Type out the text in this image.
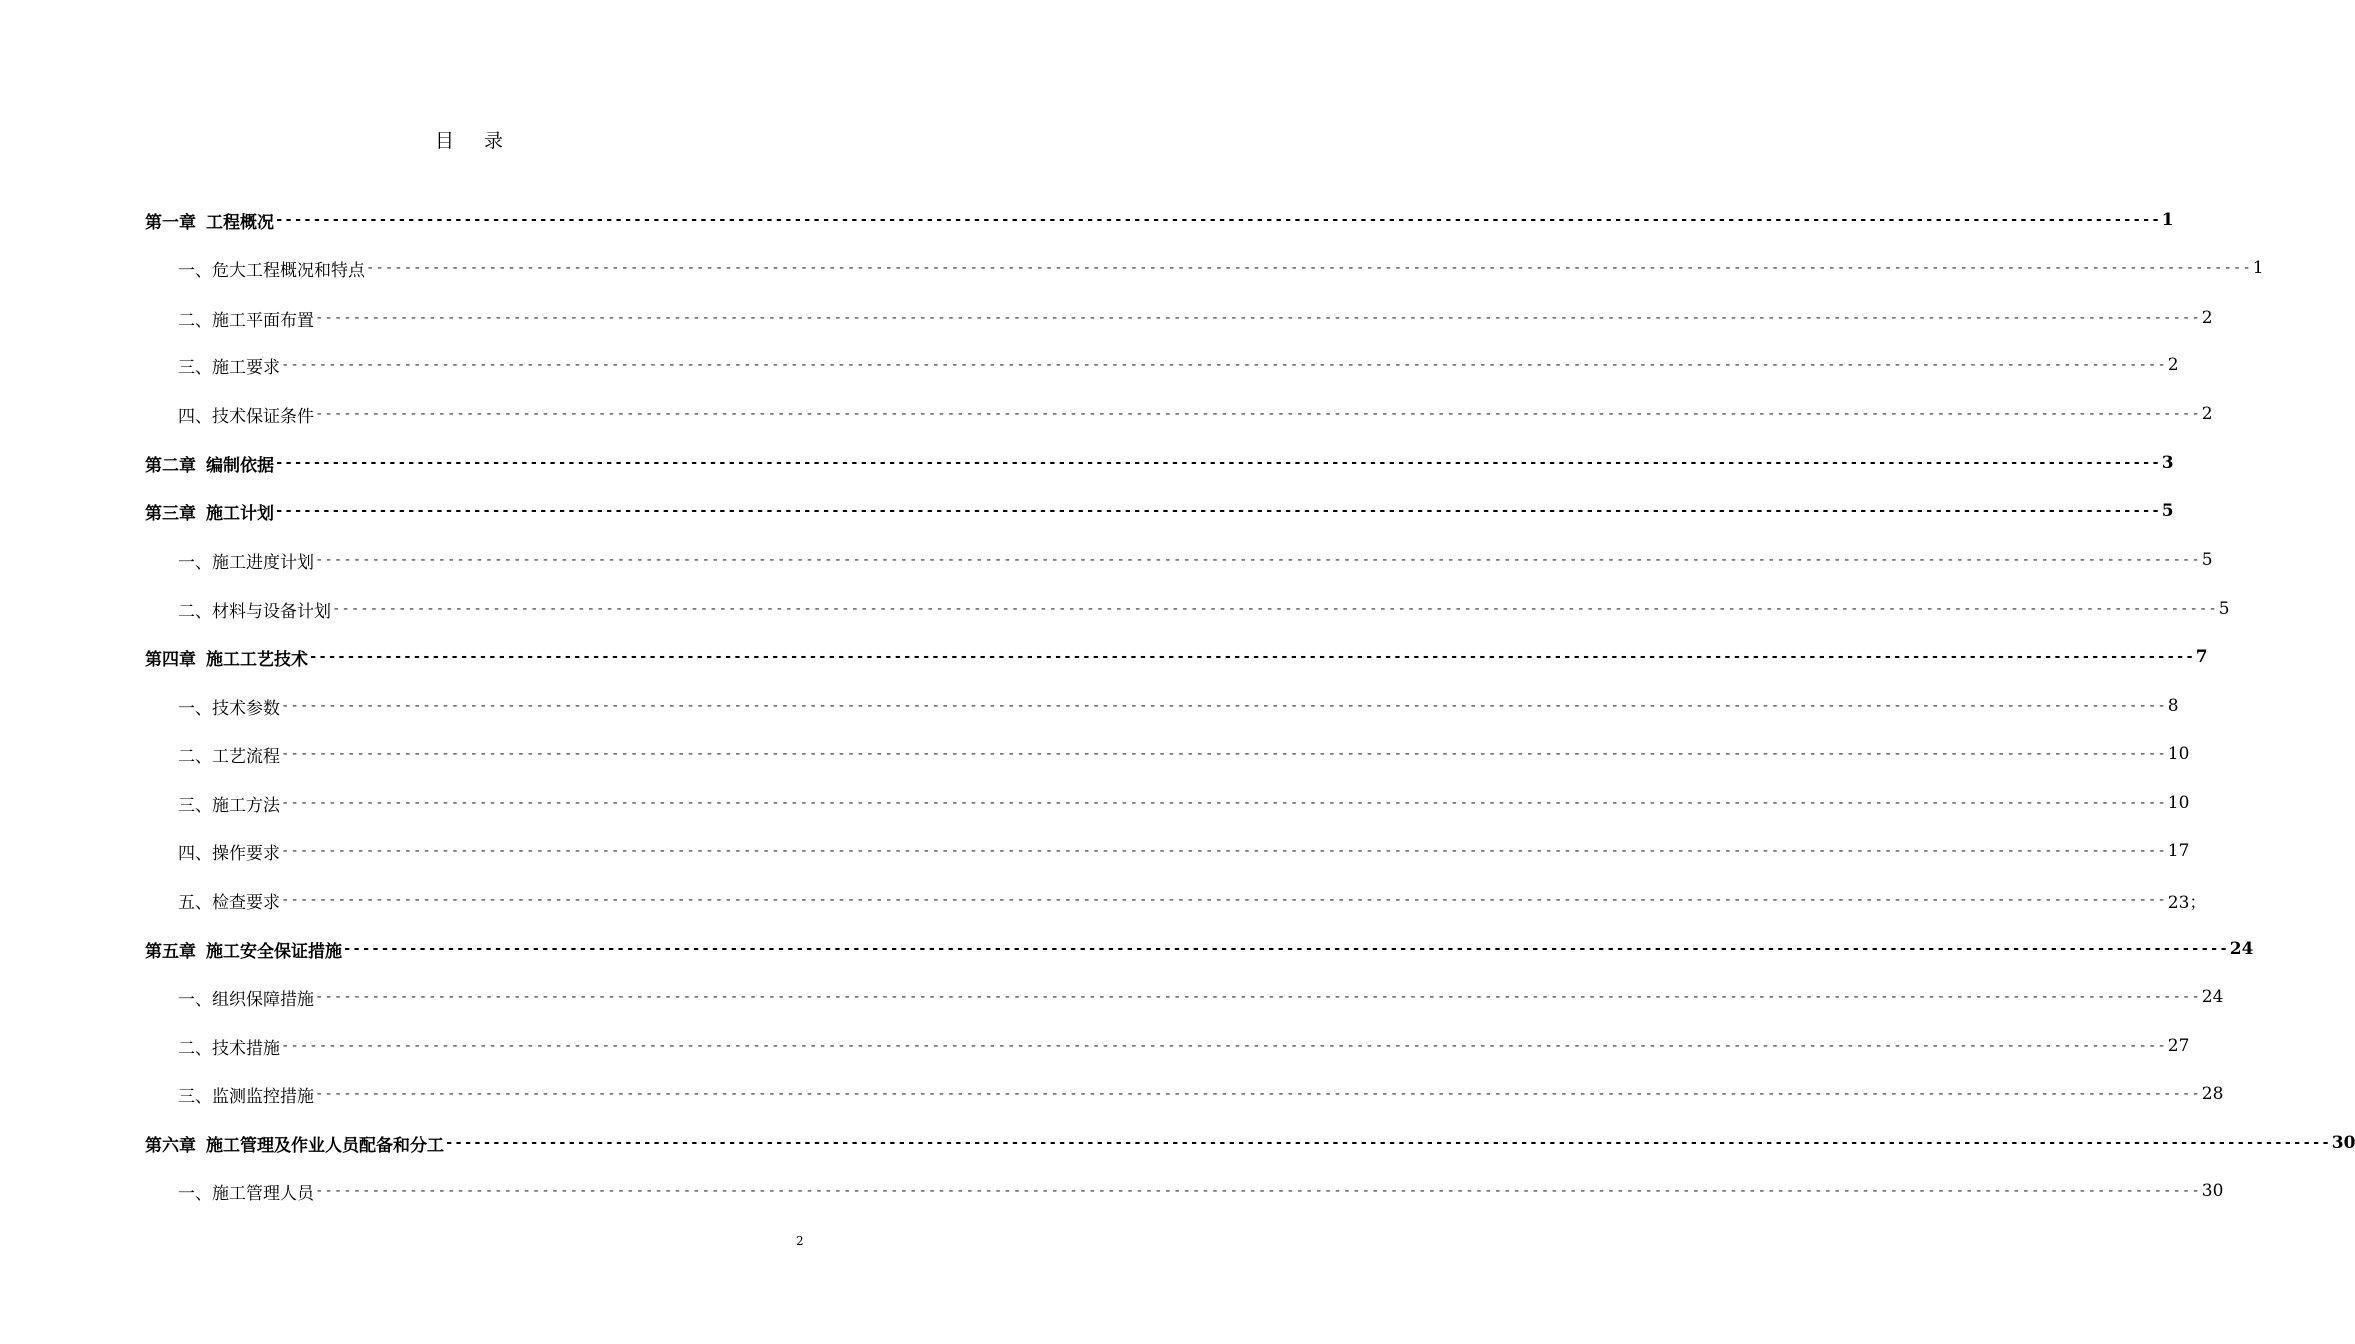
目 录
第一章 工程概况 -------------------------------------------------------------------------------------------------------------------------------------------------------------------------------------------------------- 1
一、 危大工程概况和特点 -------------------------------------------------------------------------------------------------------------------------------------------------------------------------------------------------------- 1
二、 施工平面布置 -------------------------------------------------------------------------------------------------------------------------------------------------------------------------------------------------------- 2
三、 施工要求 -------------------------------------------------------------------------------------------------------------------------------------------------------------------------------------------------------- 2
四、 技术保证条件 -------------------------------------------------------------------------------------------------------------------------------------------------------------------------------------------------------- 2
第二章 编制依据 -------------------------------------------------------------------------------------------------------------------------------------------------------------------------------------------------------- 3
第三章 施工计划 -------------------------------------------------------------------------------------------------------------------------------------------------------------------------------------------------------- 5
一、 施工进度计划 -------------------------------------------------------------------------------------------------------------------------------------------------------------------------------------------------------- 5
二、 材料与设备计划 -------------------------------------------------------------------------------------------------------------------------------------------------------------------------------------------------------- 5
第四章 施工工艺技术 -------------------------------------------------------------------------------------------------------------------------------------------------------------------------------------------------------- 7
一、 技术参数 -------------------------------------------------------------------------------------------------------------------------------------------------------------------------------------------------------- 8
二、 工艺流程 -------------------------------------------------------------------------------------------------------------------------------------------------------------------------------------------------------- 10
三、 施工方法 -------------------------------------------------------------------------------------------------------------------------------------------------------------------------------------------------------- 10
四、 操作要求 -------------------------------------------------------------------------------------------------------------------------------------------------------------------------------------------------------- 17
五、 检查要求 -------------------------------------------------------------------------------------------------------------------------------------------------------------------------------------------------------- 23；
第五章 施工安全保证措施 -------------------------------------------------------------------------------------------------------------------------------------------------------------------------------------------------------- 24
一、 组织保障措施 -------------------------------------------------------------------------------------------------------------------------------------------------------------------------------------------------------- 24
二、 技术措施 -------------------------------------------------------------------------------------------------------------------------------------------------------------------------------------------------------- 27
三、 监测监控措施 -------------------------------------------------------------------------------------------------------------------------------------------------------------------------------------------------------- 28
第六章 施工管理及作业人员配备和分工 -------------------------------------------------------------------------------------------------------------------------------------------------------------------------------------------------------- 30
一、 施工管理人员 -------------------------------------------------------------------------------------------------------------------------------------------------------------------------------------------------------- 30
2
